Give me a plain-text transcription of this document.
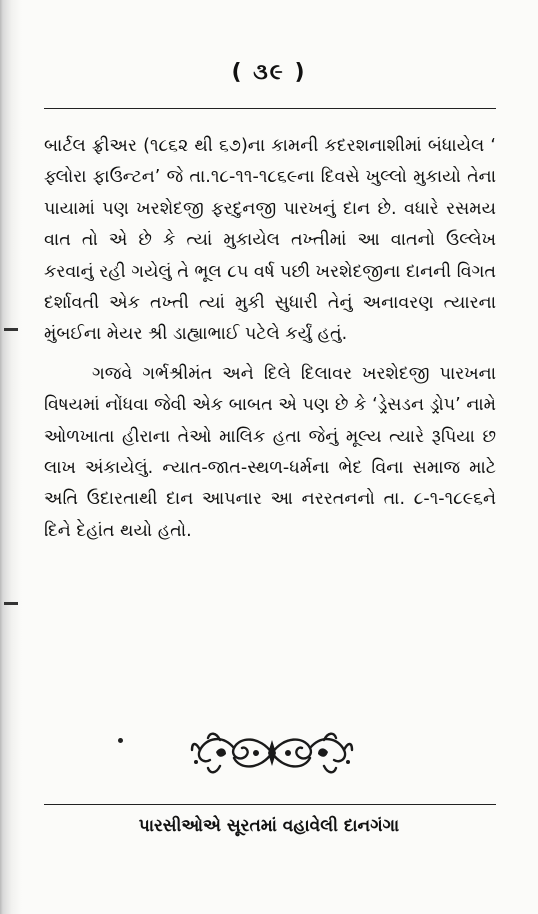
( ૩૯ )

બાર્ટલ ફ્રીઅર (૧૮૬૨ થી ૬૭)ના કામની કદરશનાશીમાં બંધાયેલ ‘ ફ્લોરા ફાઉન્ટન’ જે તા.૧૮-૧૧-૧૮૬૯ના દિવસે ખુલ્લો મુકાયો તેના પાયામાં પણ ખરશેદજી ફરદુનજી પારખનું દાન છે. વધારે રસમય વાત તો એ છે કે ત્યાં મુકાયેલ તખ્તીમાં આ વાતનો ઉલ્લેખ કરવાનું રહી ગયેલું તે ભૂલ ૮૫ વર્ષ પછી ખરશેદજીના દાનની વિગત દર્શાવતી એક તખ્તી ત્યાં મુકી સુધારી તેનું અનાવરણ ત્યારના મુંબઈના મેયર શ્રી ડાહ્યાભાઈ પટેલે કર્યું હતું.

ગજવે ગર્ભશ્રીમંત અને દિલે દિલાવર ખરશેદજી પારખના વિષયમાં નોંધવા જેવી એક બાબત એ પણ છે કે ‘ડ્રેસડન ડ્રોપ’ નામે ઓળખાતા હીરાના તેઓ માલિક હતા જેનું મૂલ્ય ત્યારે રૂપિયા છ લાખ અંકાયેલું. ન્યાત-જાત-સ્થળ-ધર્મના ભેદ વિના સમાજ માટે અતિ ઉદારતાથી દાન આપનાર આ નરરતનનો તા. ૮-૧-૧૮૯૬ને દિને દેહાંત થયો હતો.

પારસીઓએ સૂરતમાં વહાવેલી દાનગંગા
